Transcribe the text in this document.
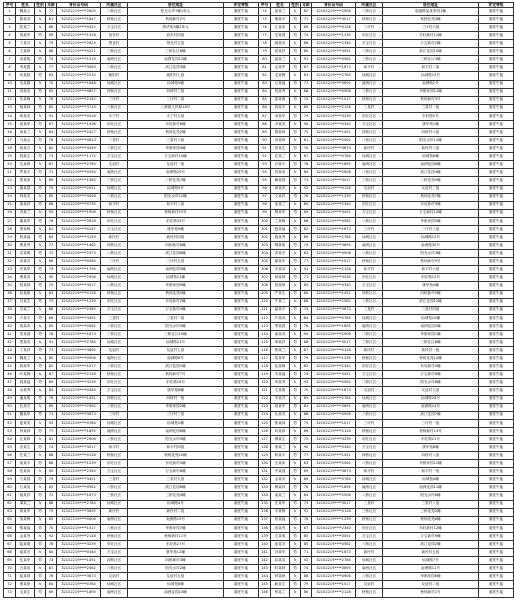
序号	姓名	性别	年龄	身份证号码	所属社区	居住地址	评定等级	序号	姓名	性别	年龄	身份证号码	所属社区	居住地址	评定等级
1	魏某云	女	72	32102219****2605	八桥社区	阳光水岸7幢1单元	重度失能	74	邱某兰	女	82	32102219****2906	八桥社区	临港路某某家园1幢	重度失能
2	陈某英	女	81	32102219****1847	秋杨社区	秋杨新村2号	重度失能	75	秦某平	男	71	32102219****3017	秋杨社区	秋杨花苑3幢	重度失能
3	张某兰	女	86	32102219****0422	万宝社区	康华苑3幢2单元	重度失能	76	江某凤	女	89	32102219****0128	三圩村	三圩村六组	重度失能
4	周某华	男	69	32102219****1316	西朱村	西朱村四组	重度失能	77	史某国	男	74	32102219****1239	东旺社区	东旺新村11幢	重度失能
5	卞某芳	女	79	32102219****2824	贤良村	贤良村五组	重度失能	78	顾某英	女	86	32102219****2340	万宝社区	万宝新村2幢	重度失能
6	王某珍	女	88	32102219****0221	三桥社区	三桥社区6幢	重度失能	79	侯某祥	男	80	32102219****3451	八桥社区	滨江花园10幢	重度失能
7	汤某明	男	74	32102219****1519	南洲社区	南洲花园12幢	重度失能	80	邵某兰	女	91	32102219****0562	三桥社区	三桥社区3幢	重度失能
8	李某霞	女	77	32102219****3063	八桥社区	滨江花园3幢	重度失能	81	孟某军	男	67	32102219****1673	和平村	和平村二组	重度失能
9	孙某根	男	83	32102219****2210	朝阳村	朝阳村七组	重度失能	82	龙某梅	女	83	32102219****2784	仙城社区	仙城路15号	重度失能
10	吴某娟	女	70	32102219****1648	仙城社区	仙城苑5幢	重度失能	83	万某福	男	77	32102219****3895	南洲社区	南洲路2号	重度失能
11	刘某发	男	85	32102219****0857	四桥社区	四桥村三组	重度失能	84	段某秀	女	88	32102219****0906	八桥社区	华都家园11幢	重度失能
12	朱某梅	女	76	32102219****2142	三圩村	三圩村二组	重度失能	85	雷某明	男	72	32102219****1017	秋杨社区	秋杨新村3号	重度失能
13	杨某林	男	80	32102219****3715	八桥社区	八桥镇人民路18号	重度失能	86	钱某芳	女	85	32102219****2128	三星村	三星村一组	重度失能
14	黄某英	女	91	32102219****0528	永宁村	永宁村九组	重度失能	87	汤某华	男	79	32102219****3239	东旺社区	东旺路5号	重度失能
15	高某华	男	67	32102219****1936	东旺社区	东旺新村8幢	重度失能	88	尹某英	女	90	32102219****0340	万宝社区	康华苑1幢	重度失能
16	徐某兰	女	84	32102219****2427	秋杨社区	秋杨花苑2幢	重度失能	89	黎某林	男	75	32102219****1451	四桥社区	四桥村六组	重度失能
17	马某山	男	78	32102219****0613	三星村	三星村六组	重度失能	90	易某珍	女	81	32102219****2562	八桥社区	阳光水岸11幢	重度失能
18	何某芬	女	82	32102219****3349	八桥社区	华都家园4幢	重度失能	91	常某生	男	70	32102219****3673	新民村	新民村八组	重度失能
19	钱某生	男	73	32102219****1172	万宝社区	万宝新村10幢	重度失能	92	武某兰	女	87	32102219****0784	仙城社区	仙城苑6幢	重度失能
20	沈某珍	女	87	32102219****2765	友谊村	友谊村一组	重度失能	93	乔某平	男	78	32102219****1895	南洲社区	南洲花园8幢	重度失能
21	罗某平	男	71	32102219****0394	南洲社区	南洲路25号	重度失能	94	贺某凤	女	84	32102219****2906	八桥社区	滨江花园4幢	重度失能
22	郑某凤	女	89	32102219****1580	三桥社区	三桥花苑7幢	重度失能	95	赖某国	男	73	32102219****3017	三桥社区	三桥花苑9幢	重度失能
23	谢某国	男	75	32102219****2051	仙城社区	仙城路9号	重度失能	96	龚某英	女	92	32102219****0128	友谊村	友谊村三组	重度失能
24	韩某英	女	80	32102219****3426	八桥社区	阳光水岸12幢	重度失能	97	文某祥	男	76	32102219****1239	秋杨社区	秋杨花苑7幢	重度失能
25	唐某祥	男	68	32102219****0735	和平村	和平村八组	重度失能	98	庞某兰	女	80	32102219****2340	东旺社区	东旺新村9幢	重度失能
26	冯某兰	女	92	32102219****1908	秋杨社区	秋杨新村15号	重度失能	99	樊某军	男	69	32102219****3451	万宝社区	万宝新村12幢	重度失能
27	董某军	男	76	32102219****2618	东旺社区	东旺路33号	重度失能	100	兰某梅	女	86	32102219****0562	八桥社区	华都家园5幢	重度失能
28	萧某梅	女	81	32102219****0247	万宝社区	康华苑9幢	重度失能	101	殷某福	男	82	32102219****1673	三圩村	三圩村八组	重度失能
29	程某福	男	84	32102219****3159	新民村	新民村四组	重度失能	102	施某秀	女	89	32102219****2784	仙城社区	仙城路12号	重度失能
30	曹某秀	女	77	32102219****1462	四桥社区	四桥新村6幢	重度失能	103	陶某明	男	74	32102219****3895	南洲社区	南洲路30号	重度失能
31	袁某明	男	72	32102219****2373	八桥社区	滨江花园8幢	重度失能	104	洪某芳	女	83	32102219****0906	八桥社区	阳光水岸3幢	重度失能
32	邓某芳	女	86	32102219****0584	三圩村	三圩村五组	重度失能	105	翟某华	男	77	32102219****1017	秋杨社区	秋杨新村9号	重度失能
33	许某华	男	79	32102219****1795	南洲社区	南洲花园3幢	重度失能	106	安某英	女	91	32102219****2128	和平村	和平村六组	重度失能
34	傅某英	女	90	32102219****2906	仙城社区	仙城苑11幢	重度失能	107	颜某林	男	71	32102219****3239	东旺社区	东旺路12号	重度失能
35	曾某林	男	70	32102219****3017	八桥社区	华都家园9幢	重度失能	108	倪某珍	女	85	32102219****0340	万宝社区	康华苑4幢	重度失能
36	彭某珍	女	83	32102219****0128	秋杨社区	秋杨花苑5幢	重度失能	109	严某生	男	80	32102219****1451	四桥社区	四桥新村9幢	重度失能
37	吕某生	男	75	32102219****1239	东旺社区	东旺新村2幢	重度失能	110	牛某兰	女	88	32102219****2562	八桥社区	滨江花园12幢	重度失能
38	苏某兰	女	88	32102219****2340	万宝社区	万宝新村4幢	重度失能	111	温某平	男	73	32102219****3673	三星村	三星村四组	重度失能
39	卢某平	男	66	32102219****3451	三星村	三星村二组	重度失能	112	芦某凤	女	84	32102219****0784	仙城社区	仙城苑10幢	重度失能
40	蒋某凤	女	85	32102219****0562	八桥社区	阳光水岸5幢	重度失能	113	季某国	男	76	32102219****1895	南洲社区	南洲花园2幢	重度失能
41	蔡某国	男	78	32102219****1673	三桥社区	三桥社区10幢	重度失能	114	俞某英	女	90	32102219****2906	八桥社区	华都家园1幢	重度失能
42	贾某英	女	91	32102219****2784	仙城社区	仙城路21号	重度失能	115	章某祥	男	68	32102219****3017	三桥社区	三桥社区8幢	重度失能
43	丁某祥	男	73	32102219****3895	友谊村	友谊村七组	重度失能	116	鲁某兰	女	87	32102219****0128	新民村	新民村一组	重度失能
44	魏某兰	女	80	32102219****0906	南洲社区	南洲路8号	重度失能	117	葛某军	男	79	32102219****1239	秋杨社区	秋杨花苑12幢	重度失能
45	薛某军	男	82	32102219****1017	八桥社区	滨江花园1幢	重度失能	118	伍某梅	女	82	32102219****2340	东旺社区	东旺新村4幢	重度失能
46	叶某梅	女	87	32102219****2128	秋杨社区	秋杨新村7号	重度失能	119	韦某福	男	74	32102219****3451	万宝社区	万宝新村6幢	重度失能
47	阎某福	男	69	32102219****3239	东旺社区	东旺路16号	重度失能	120	申某秀	女	93	32102219****0562	八桥社区	阳光水岸8幢	重度失能
48	余某秀	女	84	32102219****0340	万宝社区	康华苑6幢	重度失能	121	尤某明	男	70	32102219****1673	友谊村	友谊村九组	重度失能
49	潘某明	男	76	32102219****1451	四桥社区	四桥村一组	重度失能	122	毕某芳	女	85	32102219****2784	仙城社区	仙城路28号	重度失能
50	杜某芳	女	89	32102219****2562	八桥社区	华都家园2幢	重度失能	123	聂某华	男	81	32102219****3895	南洲社区	南洲路14号	重度失能
51	戴某华	男	71	32102219****3673	三圩村	三圩村三组	重度失能	124	丛某英	女	88	32102219****0906	八桥社区	滨江花园7幢	重度失能
52	夏某英	女	93	32102219****0784	仙城社区	仙城苑2幢	重度失能	125	焦某林	男	75	32102219****1017	三圩村	三圩村一组	重度失能
53	钟某林	男	77	32102219****1895	南洲社区	南洲花园6幢	重度失能	126	向某珍	女	86	32102219****2128	秋杨社区	秋杨新村13号	重度失能
54	汪某珍	女	81	32102219****2906	八桥社区	阳光水岸9幢	重度失能	127	柳某生	男	72	32102219****3239	东旺社区	东旺路21号	重度失能
55	田某生	男	74	32102219****3017	和平村	和平村四组	重度失能	128	邢某兰	女	90	32102219****0340	万宝社区	康华苑8幢	重度失能
56	任某兰	女	86	32102219****0128	秋杨社区	秋杨花苑10幢	重度失能	129	路某平	男	77	32102219****1451	四桥社区	四桥村八组	重度失能
57	姜某平	男	68	32102219****1239	东旺社区	东旺新村5幢	重度失能	130	岳某凤	女	83	32102219****2562	八桥社区	华都家园12幢	重度失能
58	范某凤	女	90	32102219****2340	万宝社区	万宝新村8幢	重度失能	131	齐某国	男	69	32102219****3673	和平村	和平村一组	重度失能
59	方某国	男	79	32102219****3451	三星村	三星村九组	重度失能	132	沿某英	女	89	32102219****0784	仙城社区	仙城苑4幢	重度失能
60	石某英	女	83	32102219****0562	八桥社区	滨江花园6幢	重度失能	133	梅某祥	男	78	32102219****1895	南洲社区	南洲花园11幢	重度失能
61	姚某祥	男	72	32102219****1673	三桥社区	三桥花苑4幢	重度失能	134	莫某兰	女	84	32102219****2906	八桥社区	阳光水岸6幢	重度失能
62	谭某兰	女	88	32102219****2784	仙城社区	仙城路4号	重度失能	135	庄某军	男	73	32102219****3017	三星村	三星村八组	重度失能
63	廖某军	男	75	32102219****3895	新民村	新民村二组	重度失能	136	辛某梅	女	91	32102219****0128	三桥社区	三桥花苑2幢	重度失能
64	邹某梅	女	85	32102219****0906	南洲社区	南洲路19号	重度失能	137	管某福	男	76	32102219****1239	秋杨社区	秋杨花苑6幢	重度失能
65	熊某福	男	70	32102219****1017	八桥社区	华都家园7幢	重度失能	138	祝某秀	女	87	32102219****2340	东旺社区	东旺新村12幢	重度失能
66	金某秀	女	92	32102219****2128	秋杨社区	秋杨新村11号	重度失能	139	左某明	男	80	32102219****3451	万宝社区	万宝新村9幢	重度失能
67	陆某明	男	78	32102219****3239	东旺社区	东旺路27号	重度失能	140	涂某芳	女	85	32102219****0562	八桥社区	滨江花园2幢	重度失能
68	郝某芳	女	80	32102219****0340	万宝社区	康华苑12幢	重度失能	141	谷某华	男	71	32102219****1673	新民村	新民村五组	重度失能
69	孔某华	男	73	32102219****1451	四桥社区	四桥新村3幢	重度失能	142	祁某英	女	92	32102219****2784	仙城社区	仙城路7号	重度失能
70	白某英	女	87	32102219****2562	八桥社区	阳光水岸2幢	重度失能	143	时某林	男	74	32102219****3895	南洲社区	南洲路11号	重度失能
71	崔某林	男	76	32102219****3673	友谊村	友谊村五组	重度失能	144	舒某珍	女	88	32102219****0906	八桥社区	华都家园6幢	重度失能
72	康某珍	女	84	32102219****0784	仙城社区	仙城苑8幢	重度失能	145	耿某生	男	79	32102219****1017	友谊村	友谊村二组	重度失能
73	毛某生	男	69	32102219****1895	南洲社区	南洲花园10幢	重度失能	146	牟某兰	女	86	32102219****2128	秋杨社区	秋杨新村1号	重度失能
